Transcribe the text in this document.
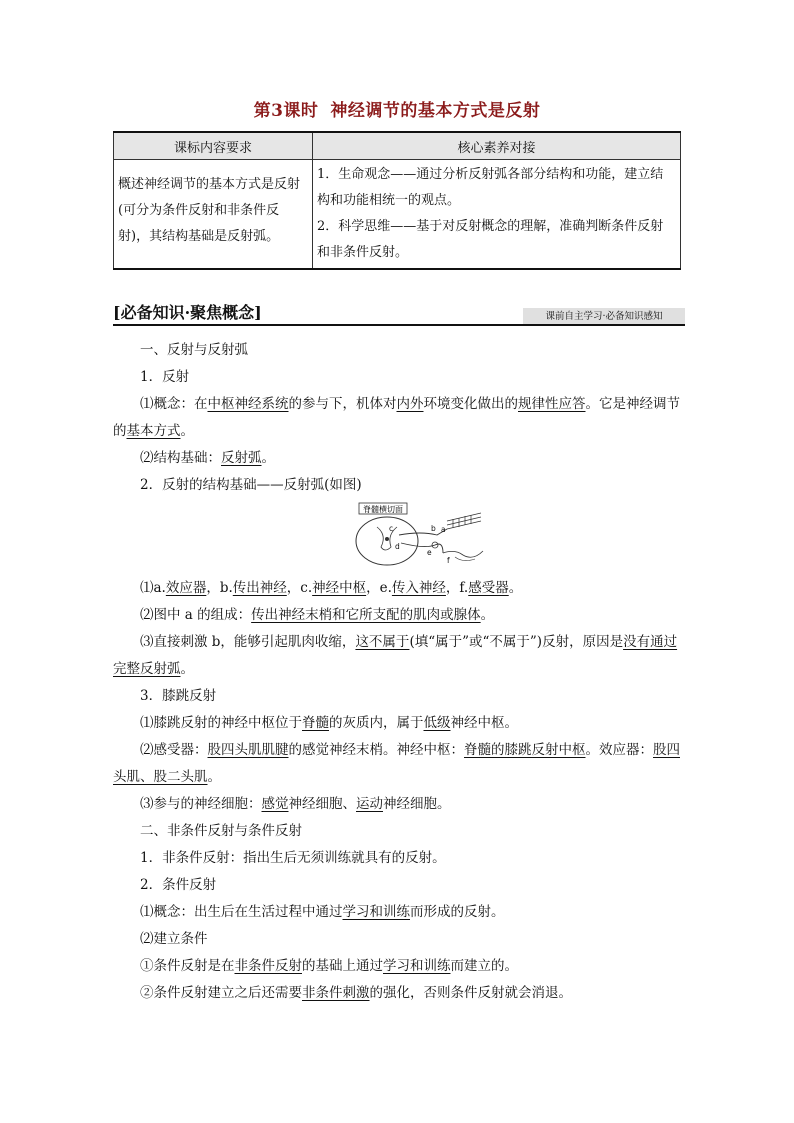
第3课时 神经调节的基本方式是反射
课标内容要求	核心素养对接
概述神经调节的基本方式是反射(可分为条件反射和非条件反射)，其结构基础是反射弧。	1．生命观念——通过分析反射弧各部分结构和功能，建立结构和功能相统一的观点。
2．科学思维——基于对反射概念的理解，准确判断条件反射和非条件反射。
[必备知识·聚焦概念]	课前自主学习·必备知识感知

一、反射与反射弧

1．反射

⑴概念：在中枢神经系统的参与下，机体对内外环境变化做出的规律性应答。它是神经调节的基本方式。

⑵结构基础：反射弧。

2．反射的结构基础——反射弧(如图)

脊髓横切面
a
b
c
d
e
f

⑴a.效应器，b.传出神经，c.神经中枢，e.传入神经，f.感受器。

⑵图中 a 的组成：传出神经末梢和它所支配的肌肉或腺体。

⑶直接刺激 b，能够引起肌肉收缩，这不属于(填“属于”或“不属于”)反射，原因是没有通过完整反射弧。

3．膝跳反射

⑴膝跳反射的神经中枢位于脊髓的灰质内，属于低级神经中枢。

⑵感受器：股四头肌肌腱的感觉神经末梢。神经中枢：脊髓的膝跳反射中枢。效应器：股四头肌、股二头肌。

⑶参与的神经细胞：感觉神经细胞、运动神经细胞。

二、非条件反射与条件反射

1．非条件反射：指出生后无须训练就具有的反射。

2．条件反射

⑴概念：出生后在生活过程中通过学习和训练而形成的反射。

⑵建立条件

①条件反射是在非条件反射的基础上通过学习和训练而建立的。

②条件反射建立之后还需要非条件刺激的强化，否则条件反射就会消退。
